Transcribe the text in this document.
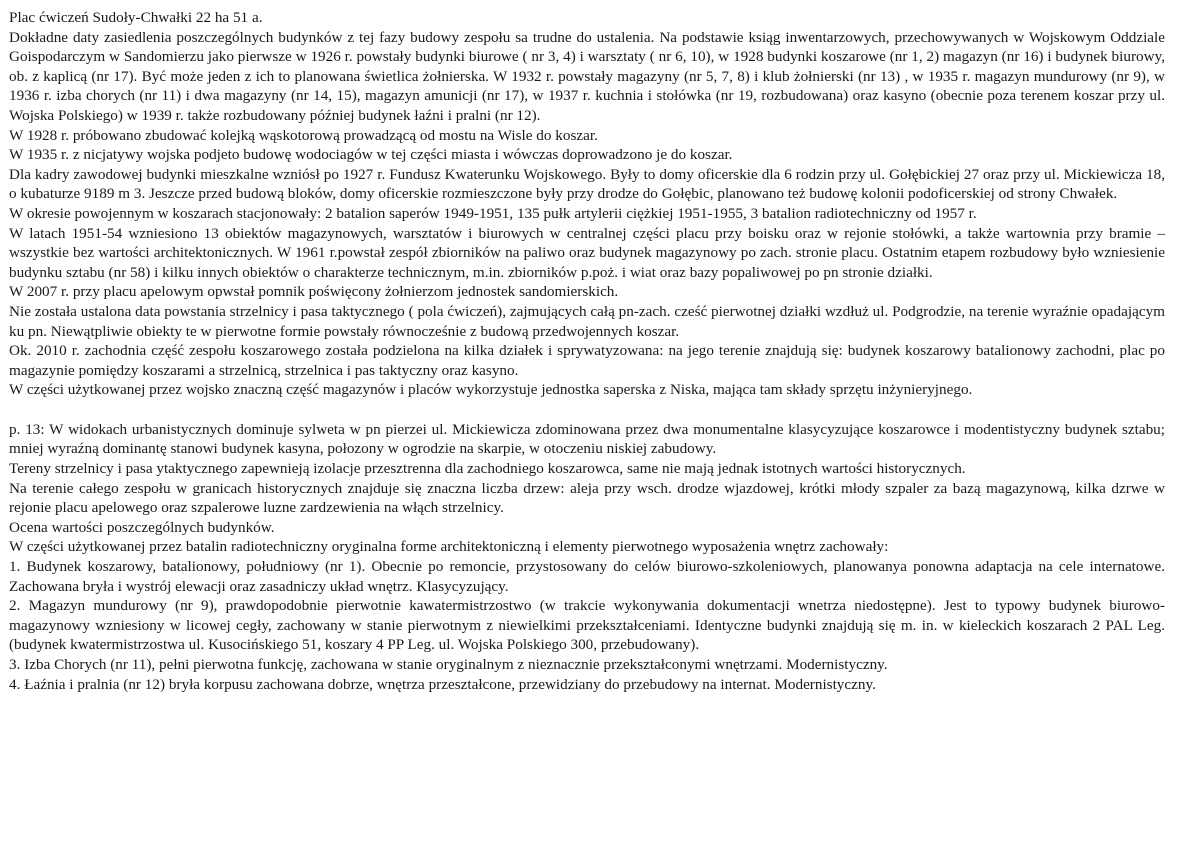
Plac ćwiczeń Sudoły-Chwałki 22 ha 51 a.

Dokładne daty zasiedlenia poszczególnych budynków z tej fazy budowy zespołu sa trudne do ustalenia. Na podstawie ksiąg inwentarzowych, przechowywanych w Wojskowym Oddziale Goispodarczym w Sandomierzu jako pierwsze w 1926 r. powstały budynki biurowe ( nr 3, 4) i warsztaty ( nr 6, 10), w 1928 budynki koszarowe (nr 1, 2) magazyn (nr 16) i budynek biurowy, ob. z kaplicą (nr 17). Być może jeden z ich to planowana świetlica żołnierska. W 1932 r. powstały magazyny (nr 5, 7, 8) i klub żołnierski (nr 13) , w 1935 r. magazyn mundurowy (nr 9), w 1936 r. izba chorych (nr 11) i dwa magazyny (nr 14, 15), magazyn amunicji (nr 17), w 1937 r. kuchnia i stołówka (nr 19, rozbudowana) oraz kasyno (obecnie poza terenem koszar przy ul. Wojska Polskiego) w 1939 r. także rozbudowany później budynek łaźni i pralni (nr 12).

W 1928 r. próbowano zbudować kolejką wąskotorową prowadzącą od mostu na Wisle do koszar.

W 1935 r. z nicjatywy wojska podjeto budowę wodociagów w tej części miasta i wówczas doprowadzono je do koszar.

Dla kadry zawodowej budynki mieszkalne wzniósł po 1927 r. Fundusz Kwaterunku Wojskowego. Były to domy oficerskie dla 6 rodzin przy ul. Gołębickiej 27 oraz przy ul. Mickiewicza 18, o kubaturze 9189 m 3. Jeszcze przed budową bloków, domy oficerskie rozmieszczone były przy drodze do Gołębic, planowano też budowę kolonii podoficerskiej od strony Chwałek.

W okresie powojennym w koszarach stacjonowały: 2 batalion saperów 1949-1951, 135 pułk artylerii ciężkiej 1951-1955, 3 batalion radiotechniczny od 1957 r.

W latach 1951-54 wzniesiono 13 obiektów magazynowych, warsztatów i biurowych w centralnej części placu przy boisku oraz w rejonie stołówki, a także wartownia przy bramie – wszystkie bez wartości architektonicznych. W 1961 r.powstał zespół zbiorników na paliwo oraz budynek magazynowy po zach. stronie placu. Ostatnim etapem rozbudowy było wzniesienie budynku sztabu (nr 58) i kilku innych obiektów o charakterze technicznym, m.in. zbiorników p.poż. i wiat oraz bazy popaliwowej po pn stronie działki.

W 2007 r. przy placu apelowym opwstał pomnik poświęcony żołnierzom jednostek sandomierskich.

Nie została ustalona data powstania strzelnicy i pasa taktycznego ( pola ćwiczeń), zajmujących całą pn-zach. cześć pierwotnej działki wzdłuż ul. Podgrodzie, na terenie wyraźnie opadającym ku pn. Niewątpliwie obiekty te w pierwotne formie powstały równocześnie z budową przedwojennych koszar.

Ok. 2010 r. zachodnia część zespołu koszarowego została podzielona na kilka działek i sprywatyzowana: na jego terenie znajdują się: budynek koszarowy batalionowy zachodni, plac po magazynie pomiędzy koszarami a strzelnicą, strzelnica i pas taktyczny oraz kasyno.

W części użytkowanej przez wojsko znaczną część magazynów i placów wykorzystuje jednostka saperska z Niska, mająca tam składy sprzętu inżynieryjnego.

p. 13: W widokach urbanistycznych dominuje sylweta w pn pierzei ul. Mickiewicza zdominowana przez dwa monumentalne klasycyzujące koszarowce i modentistyczny budynek sztabu; mniej wyraźną dominantę stanowi budynek kasyna, połozony w ogrodzie na skarpie, w otoczeniu niskiej zabudowy.

Tereny strzelnicy i pasa ytaktycznego zapewnieją izolacje przesztrenna dla zachodniego koszarowca, same nie mają jednak istotnych wartości historycznych.

Na terenie całego zespołu w granicach historycznych znajduje się znaczna liczba drzew: aleja przy wsch. drodze wjazdowej, krótki młody szpaler za bazą magazynową, kilka dzrwe w rejonie placu apelowego oraz szpalerowe luzne zardzewienia na włąch strzelnicy.

Ocena wartości poszczególnych budynków.

W części użytkowanej przez batalin radiotechniczny oryginalna forme architektoniczną i elementy pierwotnego wyposażenia wnętrz zachowały:

1. Budynek koszarowy, batalionowy, południowy (nr 1). Obecnie po remoncie, przystosowany do celów biurowo-szkoleniowych, planowanya ponowna adaptacja na cele internatowe. Zachowana bryła i wystrój elewacji oraz zasadniczy układ wnętrz. Klasycyzujący.

2. Magazyn mundurowy (nr 9), prawdopodobnie pierwotnie kawatermistrzostwo (w trakcie wykonywania dokumentacji wnetrza niedostępne). Jest to typowy budynek biurowo-magazynowy wzniesiony w licowej cegły, zachowany w stanie pierwotnym z niewielkimi przekształceniami. Identyczne budynki znajdują się m. in. w kieleckich koszarach 2 PAL Leg. (budynek kwatermistrzostwa ul. Kusocińskiego 51, koszary 4 PP Leg. ul. Wojska Polskiego 300, przebudowany).

3. Izba Chorych (nr 11), pełni pierwotna funkcję, zachowana w stanie oryginalnym z nieznacznie przekształconymi wnętrzami. Modernistyczny.

4. Łaźnia i pralnia (nr 12) bryła korpusu zachowana dobrze, wnętrza przeształcone, przewidziany do przebudowy na internat. Modernistyczny.
